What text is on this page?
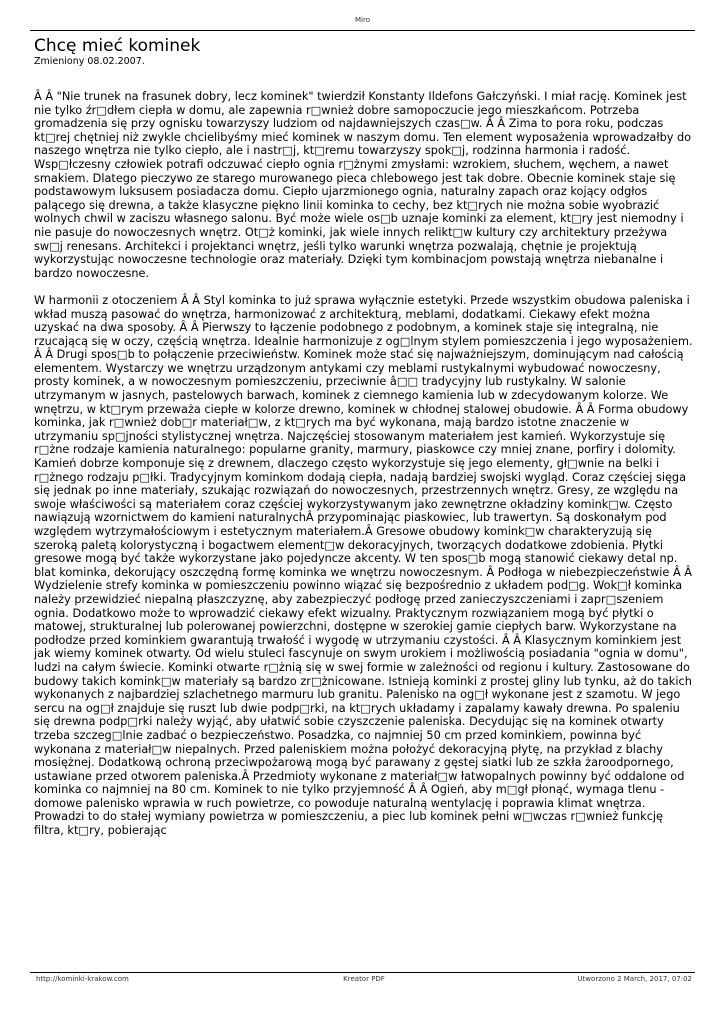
Miro
Chcę mieć kominek
Zmieniony 08.02.2007.

Â Â "Nie trunek na frasunek dobry, lecz kominek" twierdził Konstanty Ildefons Gałczyński. I miał rację. Kominek jest nie tylko źr□dłem ciepła w domu, ale zapewnia r□wnież dobre samopoczucie jego mieszkańcom. Potrzeba gromadzenia się przy ognisku towarzyszy ludziom od najdawniejszych czas□w. Â Â Zima to pora roku, podczas kt□rej chętniej niż zwykle chcielibyśmy mieć kominek w naszym domu. Ten element wyposażenia wprowadzałby do naszego wnętrza nie tylko ciepło, ale i nastr□j, kt□remu towarzyszy spok□j, rodzinna harmonia i radość. Wsp□łczesny człowiek potrafi odczuwać ciepło ognia r□żnymi zmysłami: wzrokiem, słuchem, węchem, a nawet smakiem. Dlatego pieczywo ze starego murowanego pieca chlebowego jest tak dobre. Obecnie kominek staje się podstawowym luksusem posiadacza domu. Ciepło ujarzmionego ognia, naturalny zapach oraz kojący odgłos palącego się drewna, a także klasyczne piękno linii kominka to cechy, bez kt□rych nie można sobie wyobrazić wolnych chwil w zaciszu własnego salonu. Być może wiele os□b uznaje kominki za element, kt□ry jest niemodny i nie pasuje do nowoczesnych wnętrz. Ot□ż kominki, jak wiele innych relikt□w kultury czy architektury przeżywa sw□j renesans. Architekci i projektanci wnętrz, jeśli tylko warunki wnętrza pozwalają, chętnie je projektują wykorzystując nowoczesne technologie oraz materiały. Dzięki tym kombinacjom powstają wnętrza niebanalne i bardzo nowoczesne.

W harmonii z otoczeniem Â Â Styl kominka to już sprawa wyłącznie estetyki. Przede wszystkim obudowa paleniska i wkład muszą pasować do wnętrza, harmonizować z architekturą, meblami, dodatkami. Ciekawy efekt można uzyskać na dwa sposoby. Â Â Pierwszy to łączenie podobnego z podobnym, a kominek staje się integralną, nie rzucającą się w oczy, częścią wnętrza. Idealnie harmonizuje z og□lnym stylem pomieszczenia i jego wyposażeniem. Â Â Drugi spos□b to połączenie przeciwieństw. Kominek może stać się najważniejszym, dominującym nad całością elementem. Wystarczy we wnętrzu urządzonym antykami czy meblami rustykalnymi wybudować nowoczesny, prosty kominek, a w nowoczesnym pomieszczeniu, przeciwnie â□□ tradycyjny lub rustykalny. W salonie utrzymanym w jasnych, pastelowych barwach, kominek z ciemnego kamienia lub w zdecydowanym kolorze. We wnętrzu, w kt□rym przeważa ciepłe w kolorze drewno, kominek w chłodnej stalowej obudowie. Â Â Forma obudowy kominka, jak r□wnież dob□r materiał□w, z kt□rych ma być wykonana, mają bardzo istotne znaczenie w utrzymaniu sp□jności stylistycznej wnętrza. Najczęściej stosowanym materiałem jest kamień. Wykorzystuje się r□żne rodzaje kamienia naturalnego: popularne granity, marmury, piaskowce czy mniej znane, porfiry i dolomity. Kamień dobrze komponuje się z drewnem, dlaczego często wykorzystuje się jego elementy, gł□wnie na belki i r□żnego rodzaju p□łki. Tradycyjnym kominkom dodają ciepła, nadają bardziej swojski wygląd. Coraz częściej sięga się jednak po inne materiały, szukając rozwiązań do nowoczesnych, przestrzennych wnętrz. Gresy, ze względu na swoje właściwości są materiałem coraz częściej wykorzystywanym jako zewnętrzne okładziny komink□w. Często nawiązują wzornictwem do kamieni naturalnychÂ przypominając piaskowiec, lub trawertyn. Są doskonałym pod względem wytrzymałościowym i estetycznym materiałem.Â Gresowe obudowy komink□w charakteryzują się szeroką paletą kolorystyczną i bogactwem element□w dekoracyjnych, tworzących dodatkowe zdobienia. Płytki gresowe mogą być także wykorzystane jako pojedyncze akcenty. W ten spos□b mogą stanowić ciekawy detal np. blat kominka, dekorujący oszczędną formę kominka we wnętrzu nowoczesnym. Â Podłoga w niebezpieczeństwie Â Â Wydzielenie strefy kominka w pomieszczeniu powinno wiązać się bezpośrednio z układem pod□g. Wok□ł kominka należy przewidzieć niepalną płaszczyznę, aby zabezpieczyć podłogę przed zanieczyszczeniami i zapr□szeniem ognia. Dodatkowo może to wprowadzić ciekawy efekt wizualny. Praktycznym rozwiązaniem mogą być płytki o matowej, strukturalnej lub polerowanej powierzchni, dostępne w szerokiej gamie ciepłych barw. Wykorzystane na podłodze przed kominkiem gwarantują trwałość i wygodę w utrzymaniu czystości. Â Â Klasycznym kominkiem jest jak wiemy kominek otwarty. Od wielu stuleci fascynuje on swym urokiem i możliwością posiadania "ognia w domu", ludzi na całym świecie. Kominki otwarte r□żnią się w swej formie w zależności od regionu i kultury. Zastosowane do budowy takich komink□w materiały są bardzo zr□żnicowane. Istnieją kominki z prostej gliny lub tynku, aż do takich wykonanych z najbardziej szlachetnego marmuru lub granitu. Palenisko na og□ł wykonane jest z szamotu. W jego sercu na og□ł znajduje się ruszt lub dwie podp□rki, na kt□rych układamy i zapalamy kawały drewna. Po spaleniu się drewna podp□rki należy wyjąć, aby ułatwić sobie czyszczenie paleniska. Decydując się na kominek otwarty trzeba szczeg□lnie zadbać o bezpieczeństwo. Posadzka, co najmniej 50 cm przed kominkiem, powinna być wykonana z materiał□w niepalnych. Przed paleniskiem można położyć dekoracyjną płytę, na przykład z blachy mosiężnej. Dodatkową ochroną przeciwpożarową mogą być parawany z gęstej siatki lub ze szkła żaroodpornego, ustawiane przed otworem paleniska.Â Przedmioty wykonane z materiał□w łatwopalnych powinny być oddalone od kominka co najmniej na 80 cm. Kominek to nie tylko przyjemność Â Â Ogień, aby m□gł płonąć, wymaga tlenu - domowe palenisko wprawia w ruch powietrze, co powoduje naturalną wentylację i poprawia klimat wnętrza. Prowadzi to do stałej wymiany powietrza w pomieszczeniu, a piec lub kominek pełni w□wczas r□wnież funkcję filtra, kt□ry, pobierając

http://kominki-krakow.com	Kreator PDF	Utworzono 2 March, 2017, 07:02
